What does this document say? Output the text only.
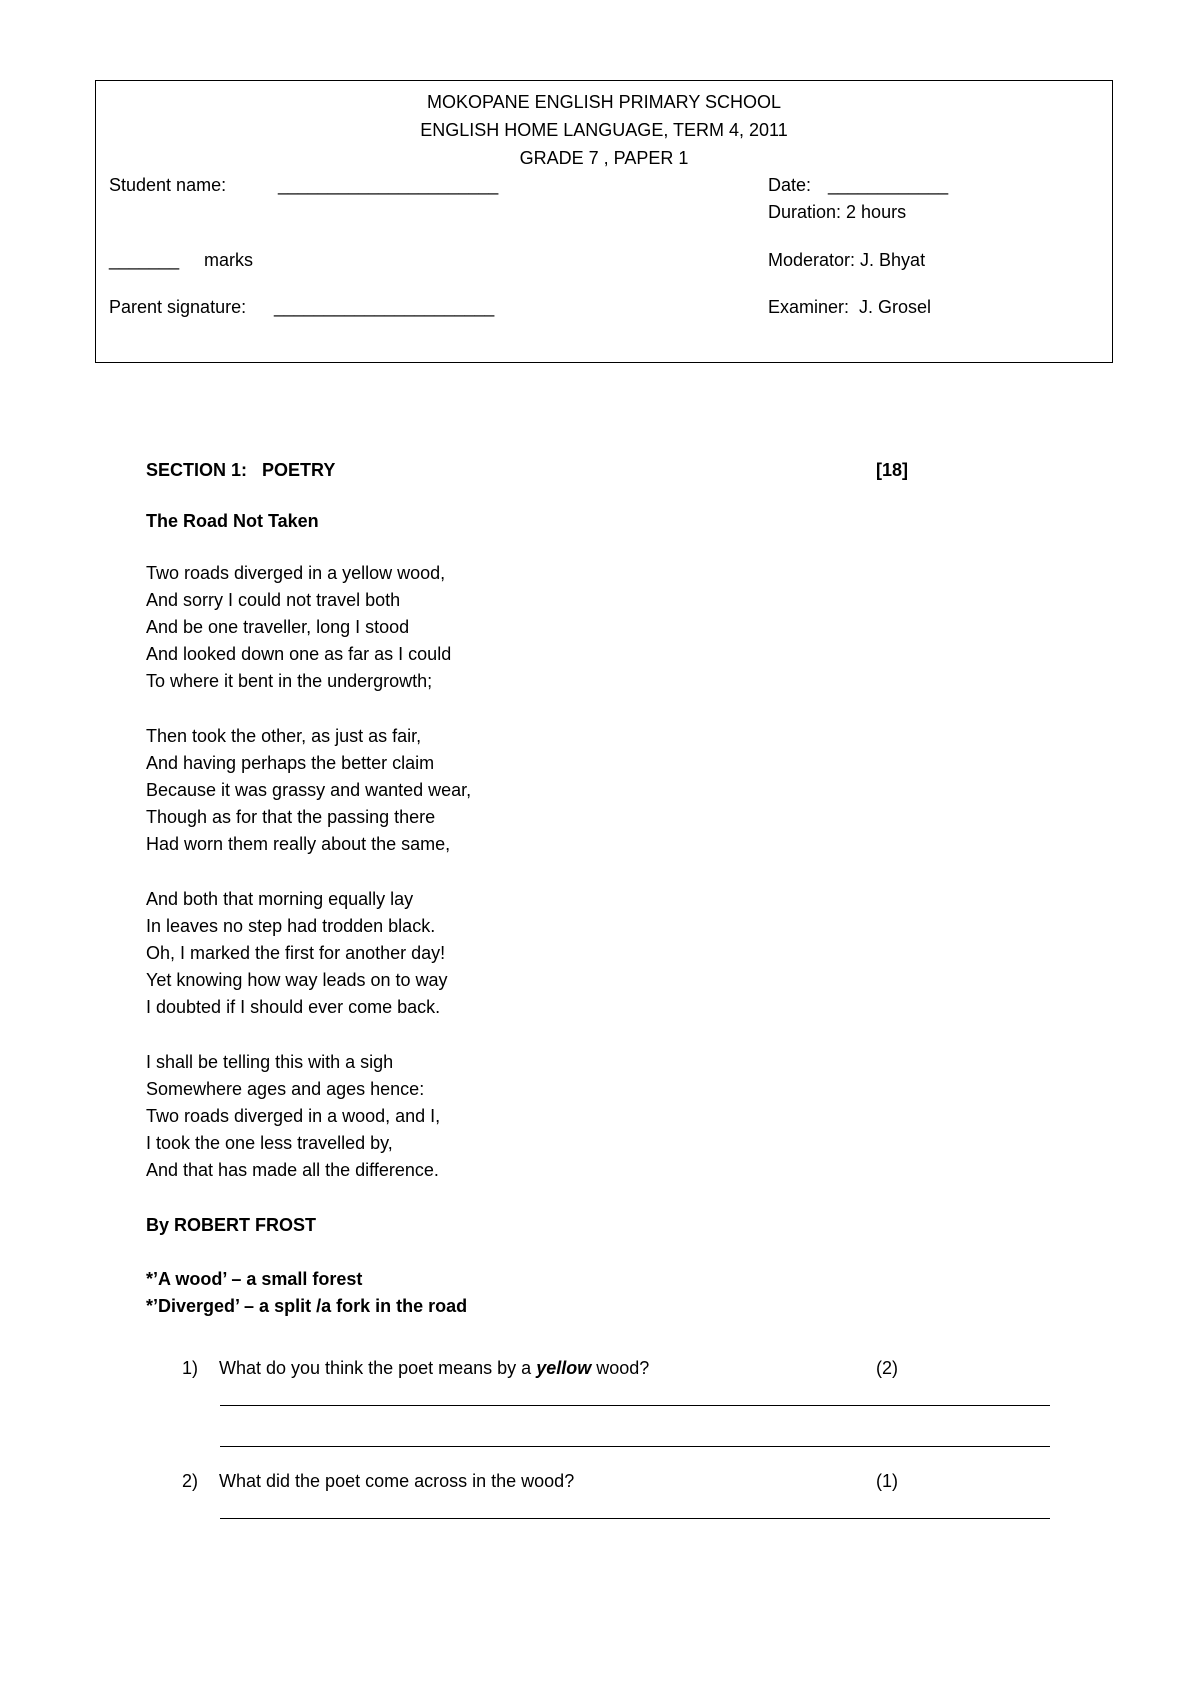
MOKOPANE ENGLISH PRIMARY SCHOOL
ENGLISH HOME LANGUAGE, TERM 4, 2011
GRADE 7 , PAPER 1
Student name:	______________________	Date: ____________
Duration: 2 hours
_______ marks	Moderator: J. Bhyat
Parent signature: ______________________	Examiner:  J. Grosel
SECTION 1:   POETRY	[18]
The Road Not Taken
Two roads diverged in a yellow wood,
And sorry I could not travel both
And be one traveller, long I stood
And looked down one as far as I could
To where it bent in the undergrowth;
Then took the other, as just as fair,
And having perhaps the better claim
Because it was grassy and wanted wear,
Though as for that the passing there
Had worn them really about the same,
And both that morning equally lay
In leaves no step had trodden black.
Oh, I marked the first for another day!
Yet knowing how way leads on to way
I doubted if I should ever come back.
I shall be telling this with a sigh
Somewhere ages and ages hence:
Two roads diverged in a wood, and I,
I took the one less travelled by,
And that has made all the difference.
By ROBERT FROST
*’A wood’ – a small forest
*’Diverged’ – a split /a fork in the road
1) What do you think the poet means by a yellow wood?	(2)
2) What did the poet come across in the wood?	(1)
